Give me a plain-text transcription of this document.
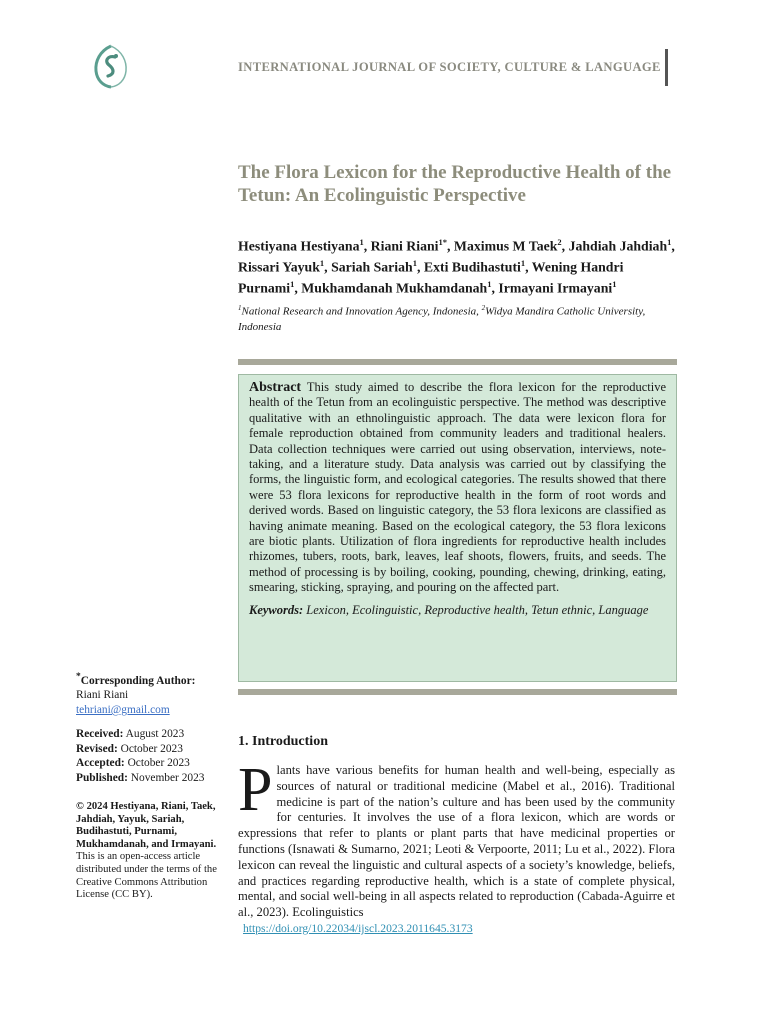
INTERNATIONAL JOURNAL OF SOCIETY, CULTURE & LANGUAGE
The Flora Lexicon for the Reproductive Health of the Tetun: An Ecolinguistic Perspective

Hestiyana Hestiyana$^1$, Riani Riani$^{1*}$, Maximus M Taek$^2$, Jahdiah Jahdiah$^1$, Rissari Yayuk$^1$, Sariah Sariah$^1$, Exti Budihastuti$^1$, Wening Handri Purnami$^1$, Mukhamdanah Mukhamdanah$^1$, Irmayani Irmayani$^1$

$^1$National Research and Innovation Agency, Indonesia, $^2$Widya Mandira Catholic University, Indonesia

Abstract This study aimed to describe the flora lexicon for the reproductive health of the Tetun from an ecolinguistic perspective. The method was descriptive qualitative with an ethnolinguistic approach. The data were lexicon flora for female reproduction obtained from community leaders and traditional healers. Data collection techniques were carried out using observation, interviews, note-taking, and a literature study. Data analysis was carried out by classifying the forms, the linguistic form, and ecological categories. The results showed that there were 53 flora lexicons for reproductive health in the form of root words and derived words. Based on linguistic category, the 53 flora lexicons are classified as having animate meaning. Based on the ecological category, the 53 flora lexicons are biotic plants. Utilization of flora ingredients for reproductive health includes rhizomes, tubers, roots, bark, leaves, leaf shoots, flowers, fruits, and seeds. The method of processing is by boiling, cooking, pounding, chewing, drinking, eating, smearing, sticking, spraying, and pouring on the affected part.

Keywords: Lexicon, Ecolinguistic, Reproductive health, Tetun ethnic, Language

*Corresponding Author:
Riani Riani
tehriani@gmail.com
Received: August 2023
Revised: October 2023
Accepted: October 2023
Published: November 2023
© 2024 Hestiyana, Riani, Taek, Jahdiah, Yayuk, Sariah, Budihastuti, Purnami, Mukhamdanah, and Irmayani.
This is an open-access article distributed under the terms of the Creative Commons Attribution License (CC BY).
1. Introduction
P lants have various benefits for human health and well-being, especially as sources of natural or traditional medicine (Mabel et al., 2016). Traditional medicine is part of the nation’s culture and has been used by the community for centuries. It involves the use of a flora lexicon, which are words or expressions that refer to plants or plant parts that have medicinal properties or functions (Isnawati & Sumarno, 2021; Leoti & Verpoorte, 2011; Lu et al., 2022). Flora lexicon can reveal the linguistic and cultural aspects of a society’s knowledge, beliefs, and practices regarding reproductive health, which is a state of complete physical, mental, and social well-being in all aspects related to reproduction (Cabada-Aguirre et al., 2023). Ecolinguistics

https://doi.org/10.22034/ijscl.2023.2011645.3173
